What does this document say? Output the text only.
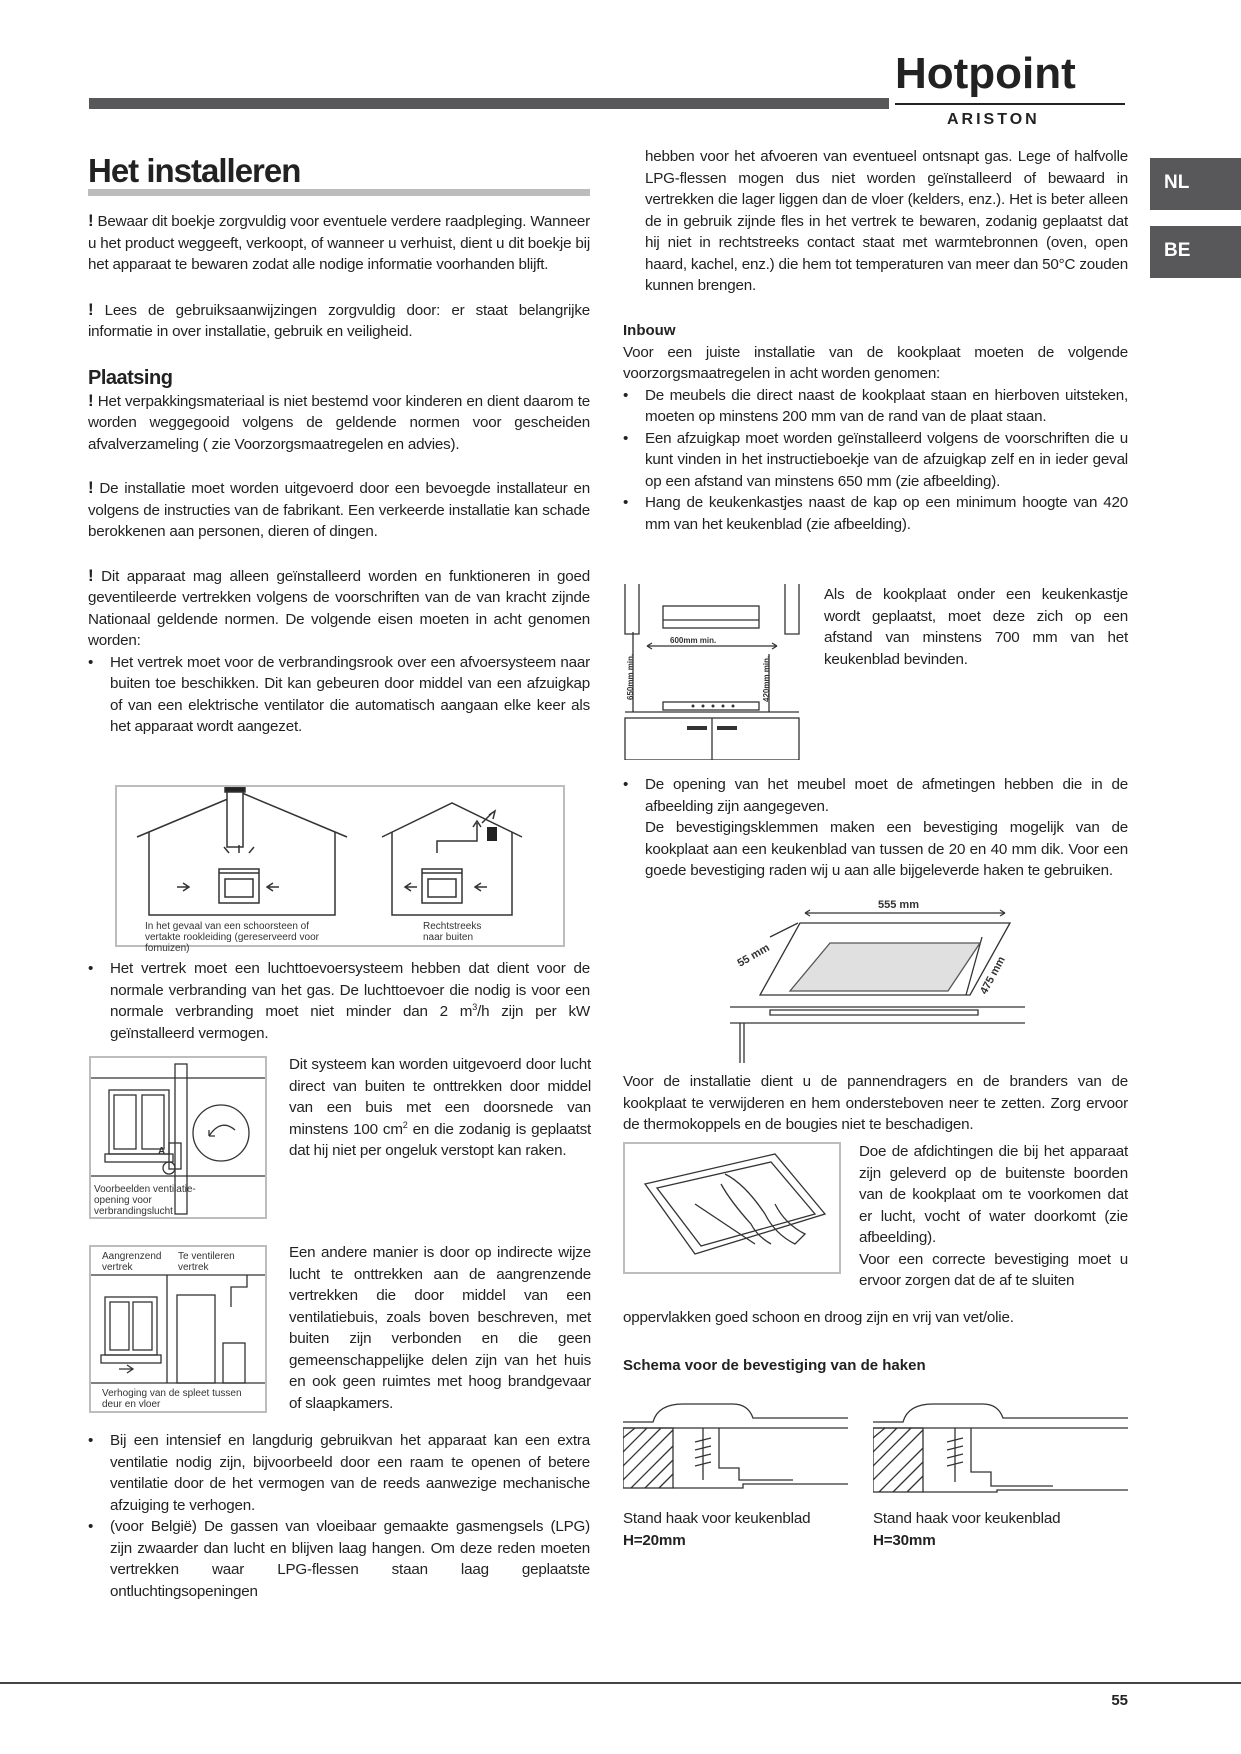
Hotpoint
ARISTON
NL
BE
Het installeren

! Bewaar dit boekje zorgvuldig voor eventuele verdere raadpleging. Wanneer u het product weggeeft, verkoopt, of wanneer u verhuist, dient u dit boekje bij het apparaat te bewaren zodat alle nodige informatie voorhanden blijft.

! Lees de gebruiksaanwijzingen zorgvuldig door: er staat belangrijke informatie in over installatie, gebruik en veiligheid.

Plaatsing

! Het verpakkingsmateriaal is niet bestemd voor kinderen en dient daarom te worden weggegooid volgens de geldende normen voor gescheiden afvalverzameling ( zie Voorzorgsmaatregelen en advies).

! De installatie moet worden uitgevoerd door een bevoegde installateur en volgens de instructies van de fabrikant. Een verkeerde installatie kan schade berokkenen aan personen, dieren of dingen.

! Dit apparaat mag alleen geïnstalleerd worden en funktioneren in goed geventileerde vertrekken volgens de voorschriften van de van kracht zijnde Nationaal geldende normen. De volgende eisen moeten in acht genomen worden:

• Het vertrek moet voor de verbrandingsrook over een afvoersysteem naar buiten toe beschikken. Dit kan gebeuren door middel van een afzuigkap of van een elektrische ventilator die automatisch aangaan elke keer als het apparaat wordt aangezet.

In het gevaal van een schoorsteen of vertakte rookleiding (gereserveerd voor fornuizen)
Rechtstreeks naar buiten

• Het vertrek moet een luchttoevoersysteem hebben dat dient voor de normale verbranding van het gas. De luchttoevoer die nodig is voor een normale verbranding moet niet minder dan 2 $m^3/h$ zijn per kW geïnstalleerd vermogen.

A
Voorbeelden ventilatie-opening voor verbrandingslucht

Dit systeem kan worden uitgevoerd door lucht direct van buiten te onttrekken door middel van een buis met een doorsnede van minstens 100 $cm^2$ en die zodanig is geplaatst dat hij niet per ongeluk verstopt kan raken.

Aangrenzend vertrek
Te ventileren vertrek
Verhoging van de spleet tussen deur en vloer

Een andere manier is door op indirecte wijze lucht te onttrekken aan de aangrenzende vertrekken die door middel van een ventilatiebuis, zoals boven beschreven, met buiten zijn verbonden en die geen gemeenschappelijke delen zijn van het huis en ook geen ruimtes met hoog brandgevaar of slaapkamers.

• Bij een intensief en langdurig gebruikvan het apparaat kan een extra ventilatie nodig zijn, bijvoorbeeld door een raam te openen of betere ventilatie door de het vermogen van de reeds aanwezige mechanische afzuiging te verhogen.

• (voor België) De gassen van vloeibaar gemaakte gasmengsels (LPG) zijn zwaarder dan lucht en blijven laag hangen. Om deze reden moeten vertrekken waar LPG-flessen staan laag geplaatste ontluchtingsopeningen

hebben voor het afvoeren van eventueel ontsnapt gas. Lege of halfvolle LPG-flessen mogen dus niet worden geïnstalleerd of bewaard in vertrekken die lager liggen dan de vloer (kelders, enz.). Het is beter alleen de in gebruik zijnde fles in het vertrek te bewaren, zodanig geplaatst dat hij niet in rechtstreeks contact staat met warmtebronnen (oven, open haard, kachel, enz.) die hem tot temperaturen van meer dan 50°C zouden kunnen brengen.

Inbouw

Voor een juiste installatie van de kookplaat moeten de volgende voorzorgsmaatregelen in acht worden genomen:

• De meubels die direct naast de kookplaat staan en hierboven uitsteken, moeten op minstens 200 mm van de rand van de plaat staan.

• Een afzuigkap moet worden geïnstalleerd volgens de voorschriften die u kunt vinden in het instructieboekje van de afzuigkap zelf en in ieder geval op een afstand van minstens 650 mm (zie afbeelding).

• Hang de keukenkastjes naast de kap op een minimum hoogte van 420 mm van het keukenblad (zie afbeelding).

600mm min.
650mm min.	420mm min.

Als de kookplaat onder een keukenkastje wordt geplaatst, moet deze zich op een afstand van minstens 700 mm van het keukenblad bevinden.

• De opening van het meubel moet de afmetingen hebben die in de afbeelding zijn aangegeven.
De bevestigingsklemmen maken een bevestiging mogelijk van de kookplaat aan een keukenblad van tussen de 20 en 40 mm dik. Voor een goede bevestiging raden wij u aan alle bijgeleverde haken te gebruiken.

555 mm
55 mm	475 mm

Voor de installatie dient u de pannendragers en de branders van de kookplaat te verwijderen en hem ondersteboven neer te zetten. Zorg ervoor de thermokoppels en de bougies niet te beschadigen.

Doe de afdichtingen die bij het apparaat zijn geleverd op de buitenste boorden van de kookplaat om te voorkomen dat er lucht, vocht of water doorkomt (zie afbeelding).

Voor een correcte bevestiging moet u ervoor zorgen dat de af te sluiten

oppervlakken goed schoon en droog zijn en vrij van vet/olie.

Schema voor de bevestiging van de haken
Stand haak voor keukenblad
H=20mm
Stand haak voor keukenblad
H=30mm
55
